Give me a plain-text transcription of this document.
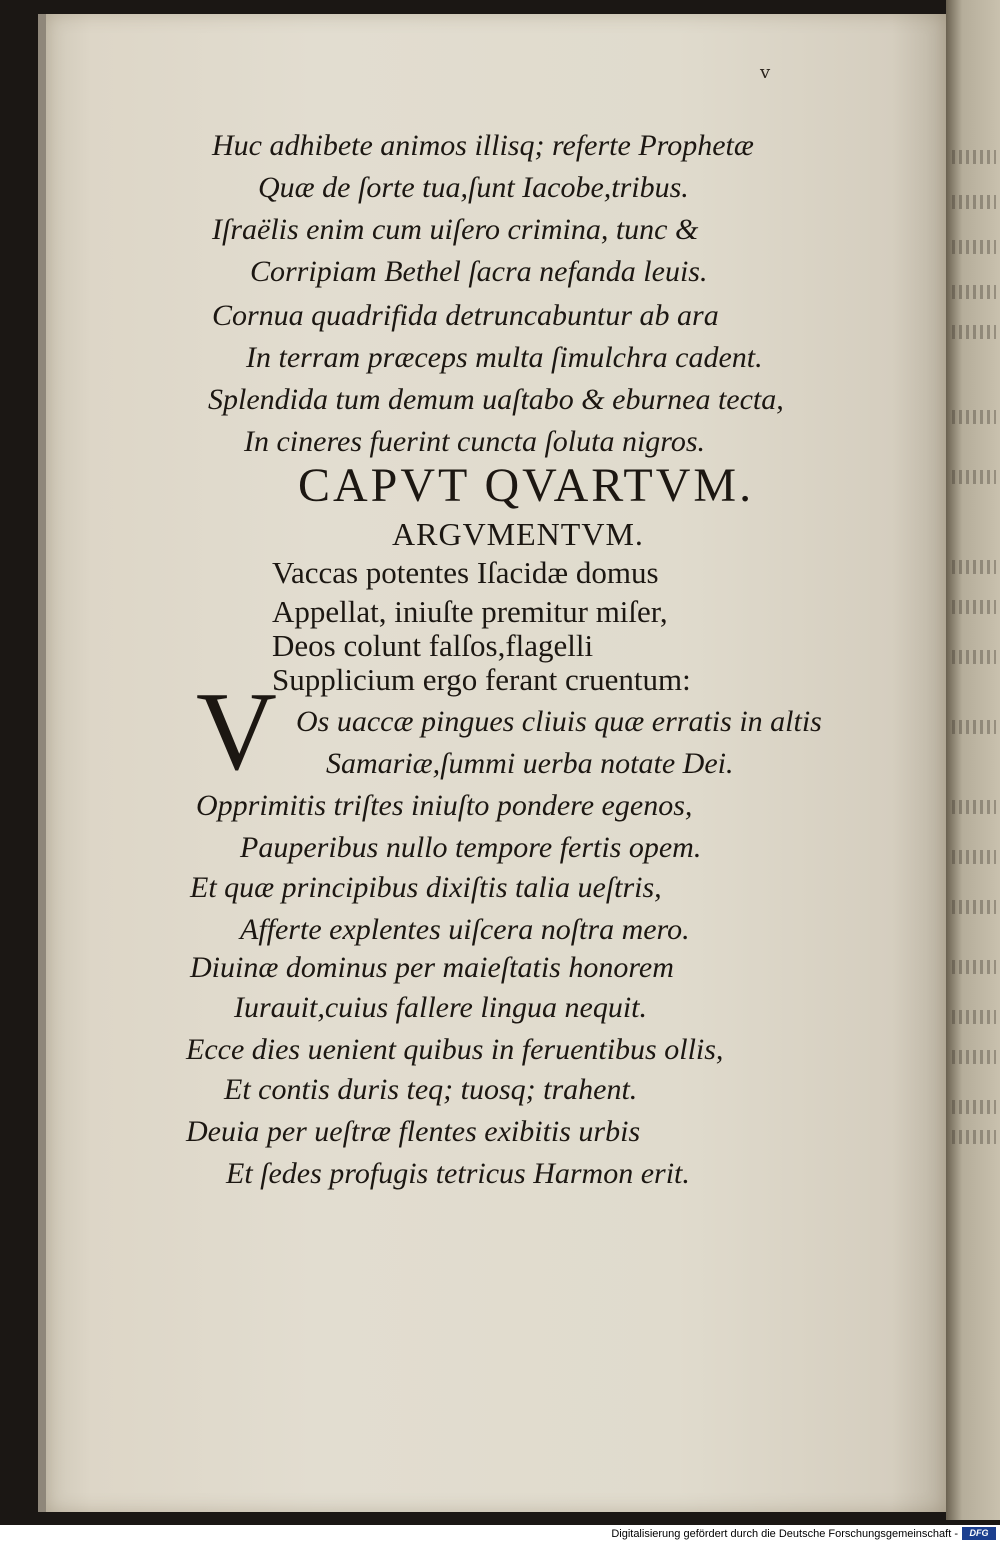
v
Huc adhibete animos illisq; referte Prophetæ
Quæ de ſorte tua,ſunt Iacobe,tribus.
Iſraëlis enim cum uiſero crimina, tunc &
Corripiam Bethel ſacra nefanda leuis.
Cornua quadrifida detruncabuntur ab ara
In terram præceps multa ſimulchra cadent.
Splendida tum demum uaſtabo & eburnea tecta,
In cineres fuerint cuncta ſoluta nigros.
CAPVT QVARTVM.
ARGVMENTVM.
Vaccas potentes Iſacidæ domus
Appellat, iniuſte premitur miſer,
Deos colunt falſos,flagelli
Supplicium ergo ferant cruentum:
V Os uaccæ pingues cliuis quæ erratis in altis
Samariæ,ſummi uerba notate Dei.
Opprimitis triſtes iniuſto pondere egenos,
Pauperibus nullo tempore fertis opem.
Et quæ principibus dixiſtis talia ueſtris,
Afferte explentes uiſcera noſtra mero.
Diuinæ dominus per maieſtatis honorem
Iurauit,cuius fallere lingua nequit.
Ecce dies uenient quibus in feruentibus ollis,
Et contis duris teq; tuosq; trahent.
Deuia per ueſtræ flentes exibitis urbis
Et ſedes profugis tetricus Harmon erit.
Digitalisierung gefördert durch die Deutsche Forschungsgemeinschaft -	DFG
